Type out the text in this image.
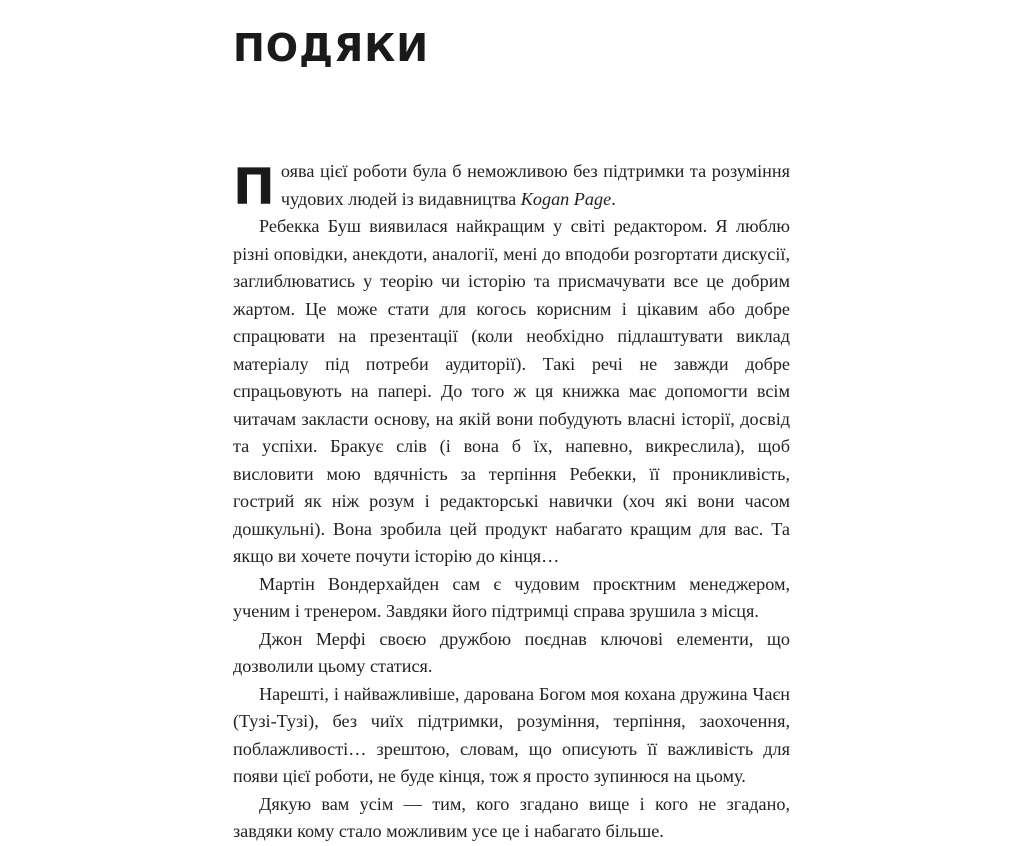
ПОДЯКИ

Поява цієї роботи була б неможливою без підтримки та розуміння чудових людей із видавництва Kogan Page.

Ребекка Буш виявилася найкращим у світі редактором. Я люблю різні оповідки, анекдоти, аналогії, мені до вподоби розгортати дискусії, заглиблюватись у теорію чи історію та присмачувати все це добрим жартом. Це може стати для когось корисним і цікавим або добре спрацювати на презентації (коли необхідно підлаштувати виклад матеріалу під потреби аудиторії). Такі речі не завжди добре спрацьовують на папері. До того ж ця книжка має допомогти всім читачам закласти основу, на якій вони побудують власні історії, досвід та успіхи. Бракує слів (і вона б їх, напевно, викреслила), щоб висловити мою вдячність за терпіння Ребекки, її проникливість, гострий як ніж розум і редакторські навички (хоч які вони часом дошкульні). Вона зробила цей продукт набагато кращим для вас. Та якщо ви хочете почути історію до кінця…

Мартін Вондерхайден сам є чудовим проєктним менеджером, ученим і тренером. Завдяки його підтримці справа зрушила з місця.

Джон Мерфі своєю дружбою поєднав ключові елементи, що дозволили цьому статися.

Нарешті, і найважливіше, дарована Богом моя кохана дружина Чаєн (Тузі-Тузі), без чиїх підтримки, розуміння, терпіння, заохочення, поблажливості… зрештою, словам, що описують її важливість для появи цієї роботи, не буде кінця, тож я просто зупинюся на цьому.

Дякую вам усім — тим, кого згадано вище і кого не згадано, завдяки кому стало можливим усе це і набагато більше.
